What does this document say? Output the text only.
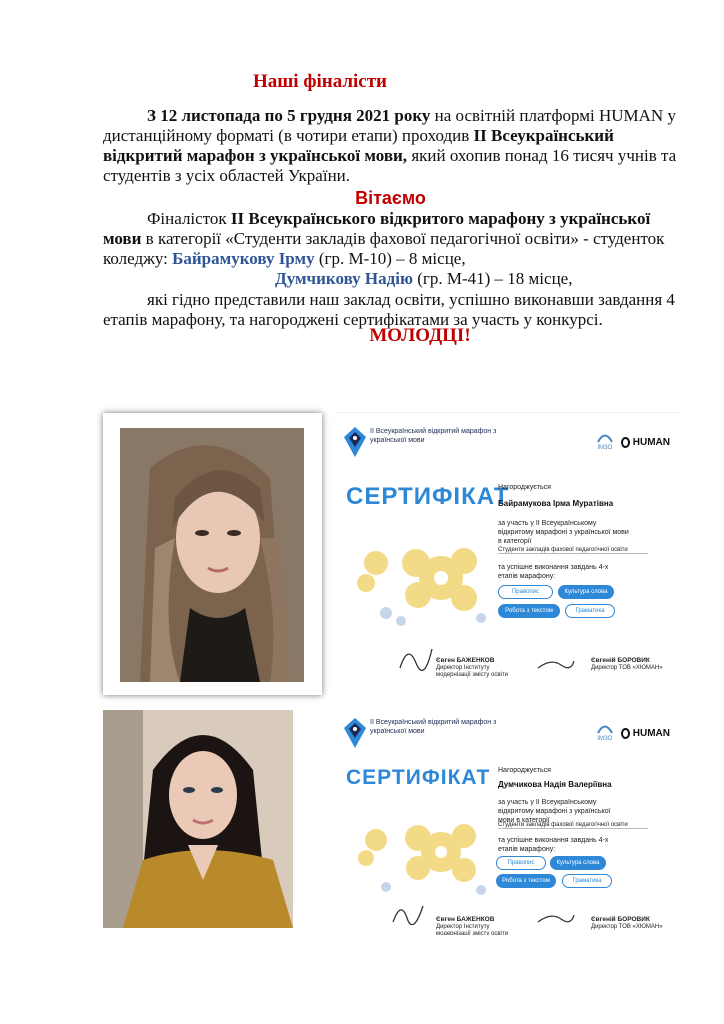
Наші фіналісти
З 12 листопада по 5 грудня 2021 року на освітній платформі HUMAN у дистанційному форматі (в чотири етапи) проходив ІІ Всеукраїнський відкритий марафон з української мови, який охопив понад 16 тисяч учнів та студентів з усіх областей України.
Вітаємо
Фіналісток ІІ Всеукраїнського відкритого марафону з української мови в категорії «Студенти закладів фахової педагогічної освіти» - студенток коледжу: Байрамукову Ірму (гр. М-10) – 8 місце,
Думчикову Надію (гр. М-41) – 18 місце,
які гідно представили наш заклад освіти, успішно виконавши завдання 4 етапів марафону, та нагороджені сертифікатами за участь у конкурсі.
МОЛОДЦІ!
ІІ Всеукраїнський відкритий марафон з української мови

ІМЗО
HUMAN
СЕРТИФІКАТ
Нагороджується
Байрамукова Ірма Муратівна
за участь у ІІ Всеукраїнському відкритому марафоні з української мови в категорії
Студенти закладів фахової педагогічної освіти
та успішне виконання завдань 4-х етапів марафону:
Правопис	Культура слова
Робота з текстом	Граматика
Євген БАЖЕНКОВ
Директор Інституту модернізації змісту освіти
Євгеній БОРОВИК
Директор ТОВ «ХЮМАН»
ІІ Всеукраїнський відкритий марафон з української мови

ІМЗО
HUMAN
СЕРТИФІКАТ Нагороджується
Думчикова Надія Валеріївна
за участь у ІІ Всеукраїнському відкритому марафоні з української мови в категорії
Студенти закладів фахової педагогічної освіти
та успішне виконання завдань 4-х етапів марафону:
Правопис	Культура слова
Робота з текстом	Граматика
Євген БАЖЕНКОВ
Директор Інституту модернізації змісту освіти
Євгеній БОРОВИК
Директор ТОВ «ХЮМАН»
